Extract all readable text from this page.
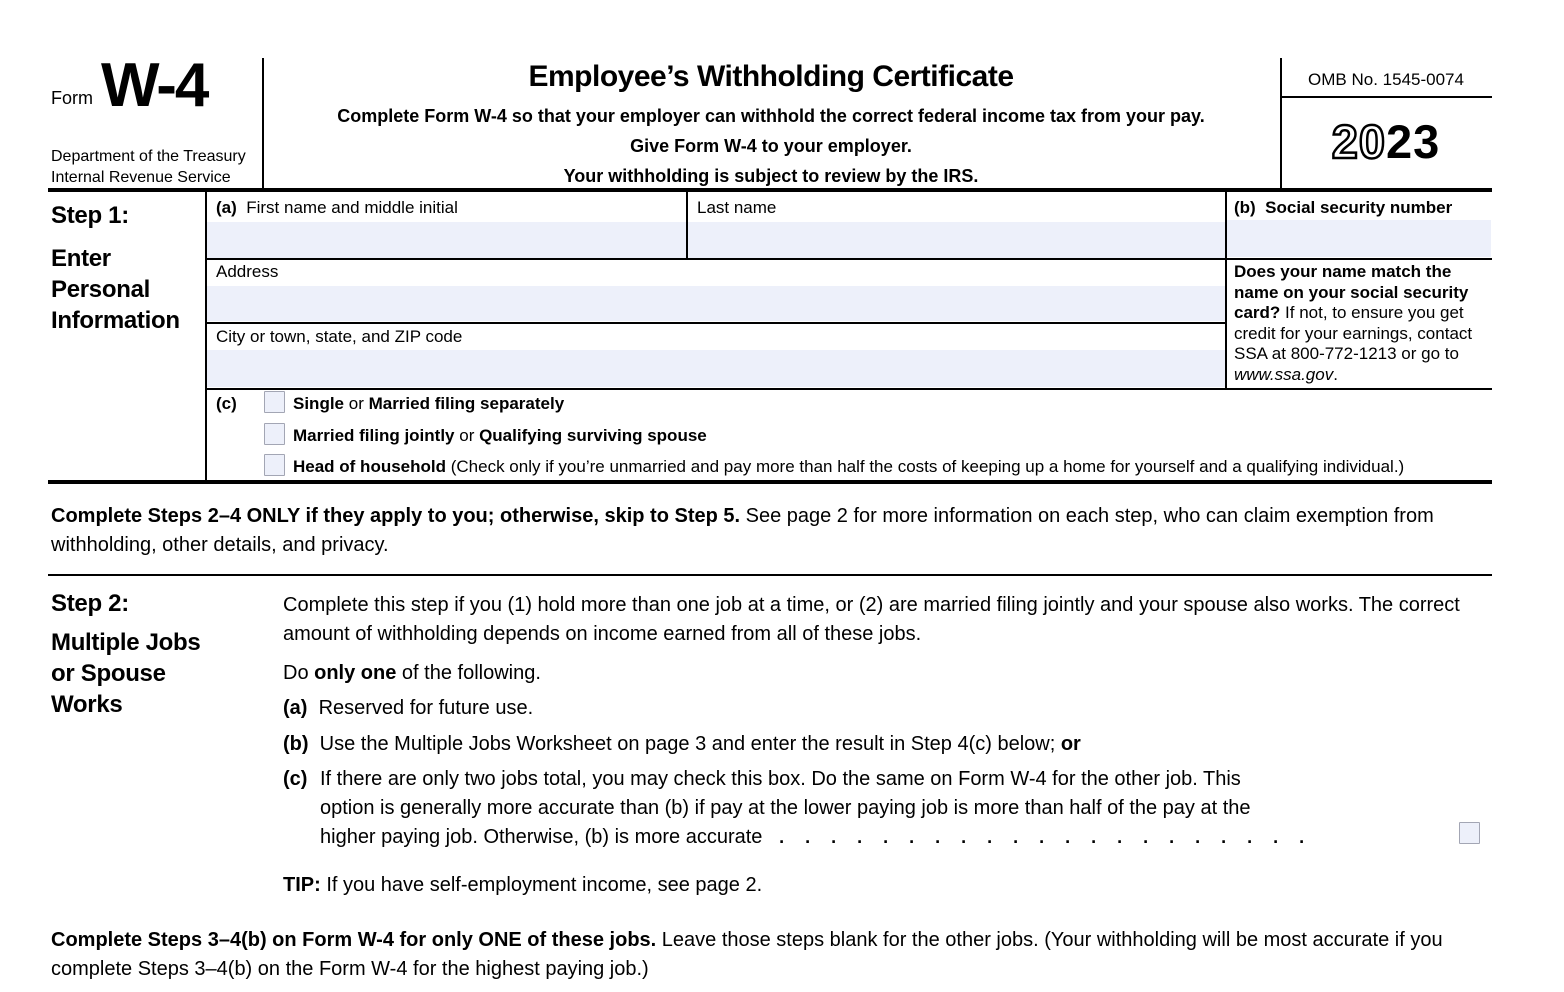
Form W-4
Department of the Treasury
Internal Revenue Service
Employee’s Withholding Certificate
Complete Form W-4 so that your employer can withhold the correct federal income tax from your pay.
Give Form W-4 to your employer.
Your withholding is subject to review by the IRS.
OMB No. 1545-0074
2023
Step 1:
Enter
Personal
Information
(a) First name and middle initial	Last name	(b) Social security number
Address
City or town, state, and ZIP code
Does your name match the name on your social security card? If not, to ensure you get credit for your earnings, contact SSA at 800-772-1213 or go to www.ssa.gov.
(c)	Single or Married filing separately
Married filing jointly or Qualifying surviving spouse
Head of household (Check only if you’re unmarried and pay more than half the costs of keeping up a home for yourself and a qualifying individual.)
Complete Steps 2–4 ONLY if they apply to you; otherwise, skip to Step 5. See page 2 for more information on each step, who can claim exemption from withholding, other details, and privacy.
Step 2:
Multiple Jobs
or Spouse
Works
Complete this step if you (1) hold more than one job at a time, or (2) are married filing jointly and your spouse also works. The correct amount of withholding depends on income earned from all of these jobs.
Do only one of the following.
(a) Reserved for future use.
(b) Use the Multiple Jobs Worksheet on page 3 and enter the result in Step 4(c) below; or
(c) If there are only two jobs total, you may check this box. Do the same on Form W-4 for the other job. This
option is generally more accurate than (b) if pay at the lower paying job is more than half of the pay at the
higher paying job. Otherwise, (b) is more accurate . . . . . . . . . . . . . . . . . . . . .
TIP: If you have self-employment income, see page 2.
Complete Steps 3–4(b) on Form W-4 for only ONE of these jobs. Leave those steps blank for the other jobs. (Your withholding will be most accurate if you complete Steps 3–4(b) on the Form W-4 for the highest paying job.)
